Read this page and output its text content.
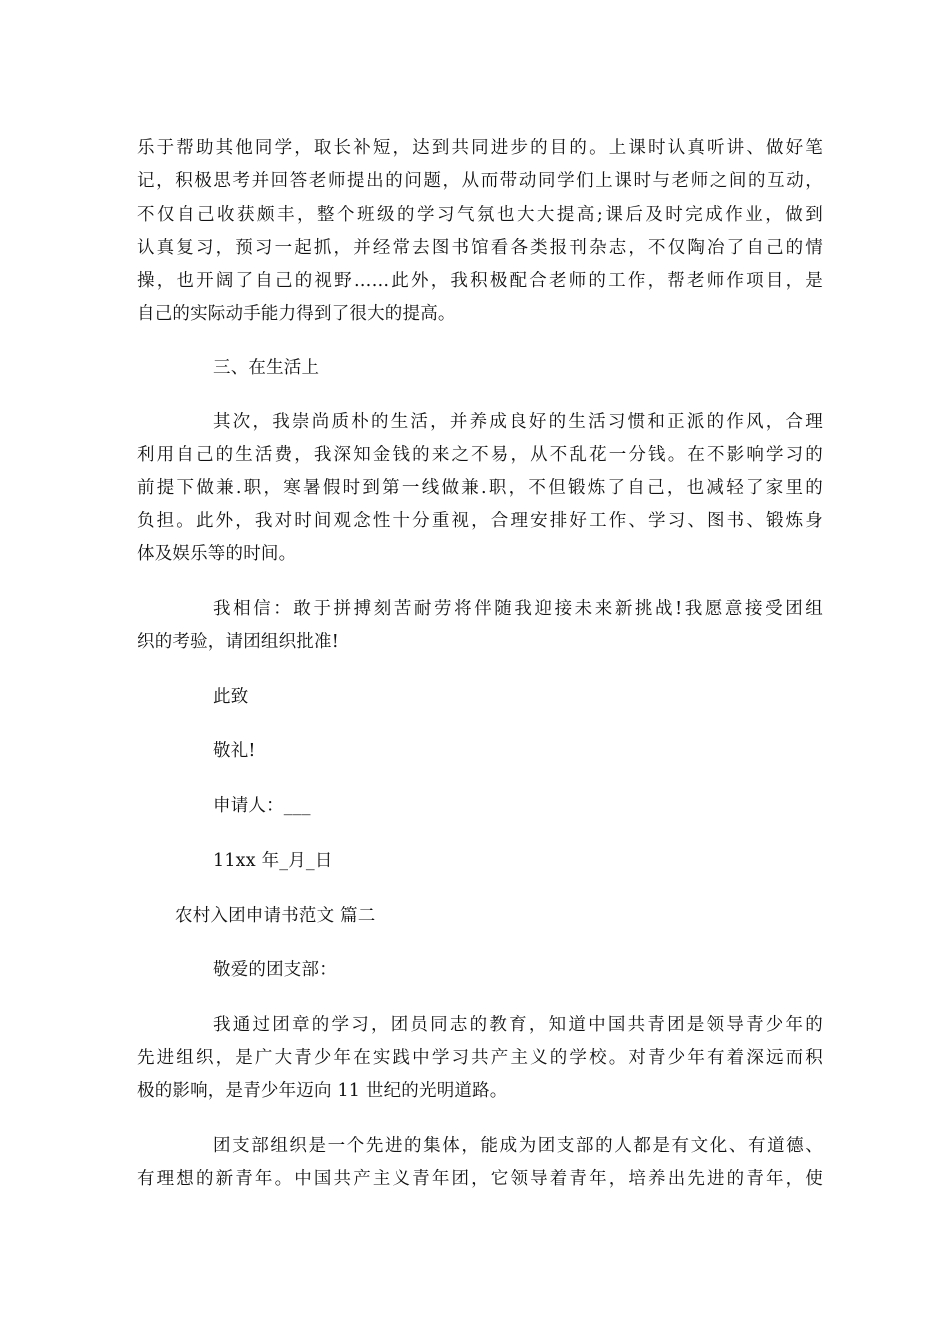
乐于帮助其他同学，取长补短，达到共同进步的目的。上课时认真听讲、做好笔
记，积极思考并回答老师提出的问题，从而带动同学们上课时与老师之间的互动，
不仅自己收获颇丰，整个班级的学习气氛也大大提高;课后及时完成作业，做到
认真复习，预习一起抓，并经常去图书馆看各类报刊杂志，不仅陶冶了自己的情
操，也开阔了自己的视野……此外，我积极配合老师的工作，帮老师作项目，是
自己的实际动手能力得到了很大的提高。
三、在生活上
其次，我崇尚质朴的生活，并养成良好的生活习惯和正派的作风，合理
利用自己的生活费，我深知金钱的来之不易，从不乱花一分钱。在不影响学习的
前提下做兼.职，寒暑假时到第一线做兼.职，不但锻炼了自己，也减轻了家里的
负担。此外，我对时间观念性十分重视，合理安排好工作、学习、图书、锻炼身
体及娱乐等的时间。
我相信：敢于拼搏刻苦耐劳将伴随我迎接未来新挑战!我愿意接受团组
织的考验，请团组织批准!
此致
敬礼!
申请人：___
11xx 年_月_日
农村入团申请书范文 篇二
敬爱的团支部：
我通过团章的学习，团员同志的教育，知道中国共青团是领导青少年的
先进组织，是广大青少年在实践中学习共产主义的学校。对青少年有着深远而积
极的影响，是青少年迈向 11 世纪的光明道路。
团支部组织是一个先进的集体，能成为团支部的人都是有文化、有道德、
有理想的新青年。中国共产主义青年团，它领导着青年，培养出先进的青年，使
